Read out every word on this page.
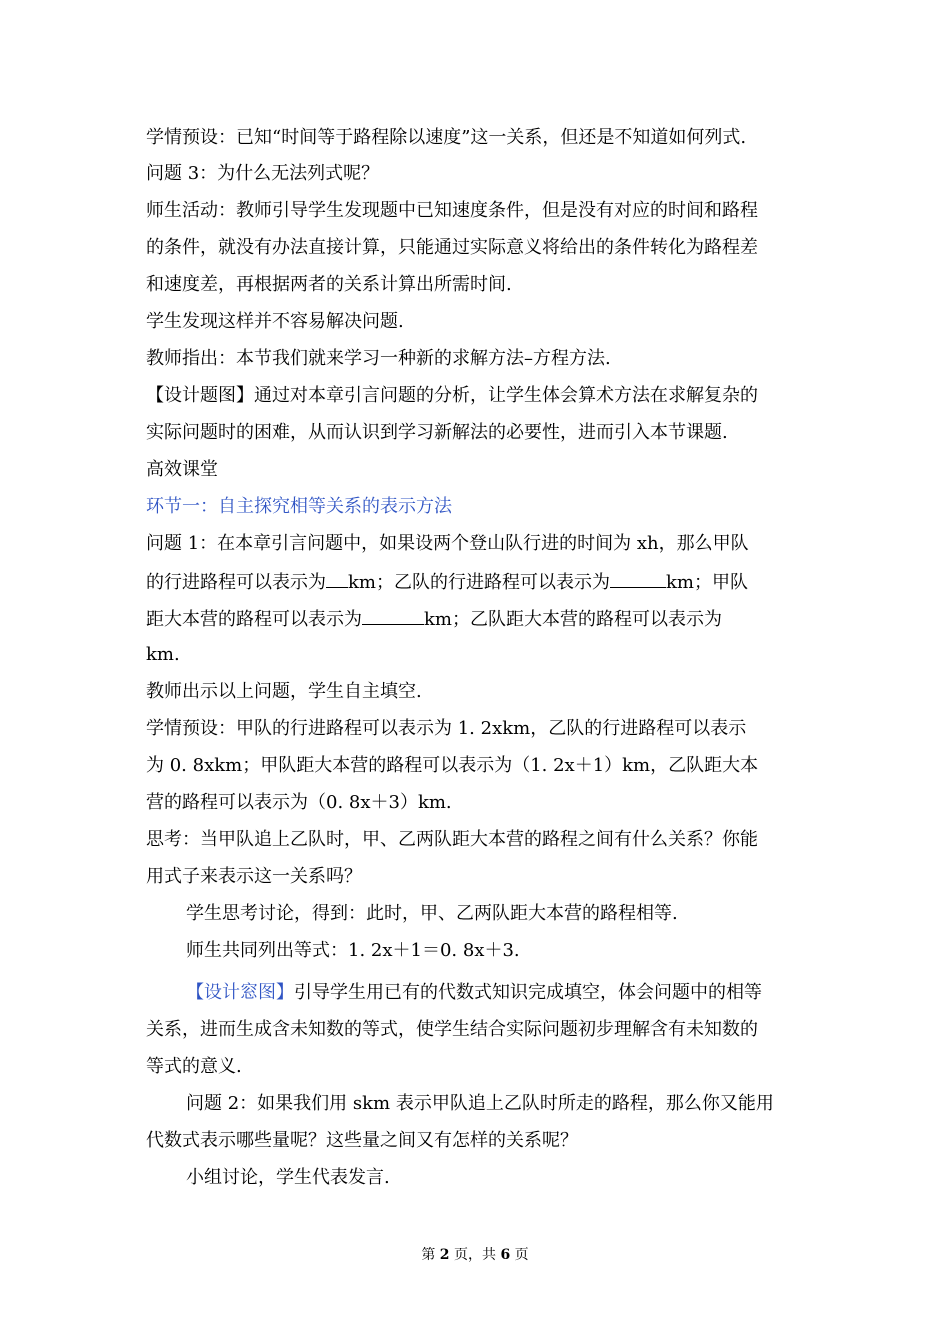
学情预设：已知“时间等于路程除以速度”这一关系，但还是不知道如何列式.
问题 3：为什么无法列式呢？
师生活动：教师引导学生发现题中已知速度条件，但是没有对应的时间和路程
的条件，就没有办法直接计算，只能通过实际意义将给出的条件转化为路程差
和速度差，再根据两者的关系计算出所需时间.
学生发现这样并不容易解决问题.
教师指出：本节我们就来学习一种新的求解方法–方程方法.
【设计题图】通过对本章引言问题的分析，让学生体会算术方法在求解复杂的
实际问题时的困难，从而认识到学习新解法的必要性，进而引入本节课题.
高效课堂
环节一：自主探究相等关系的表示方法
问题 1：在本章引言问题中，如果设两个登山队行进的时间为 xh，那么甲队
的行进路程可以表示为 km；乙队的行进路程可以表示为	km；甲队
距大本营的路程可以表示为	km；乙队距大本营的路程可以表示为
km.
教师出示以上问题，学生自主填空.
学情预设：甲队的行进路程可以表示为 1. 2xkm，乙队的行进路程可以表示
为 0. 8xkm；甲队距大本营的路程可以表示为（1. 2x＋1）km，乙队距大本
营的路程可以表示为（0. 8x＋3）km.
思考：当甲队追上乙队时，甲、乙两队距大本营的路程之间有什么关系？你能
用式子来表示这一关系吗？
学生思考讨论，得到：此时，甲、乙两队距大本营的路程相等.
师生共同列出等式：1. 2x＋1＝0. 8x＋3.
【设计窓图】引导学生用已有的代数式知识完成填空，体会问题中的相等
关系，进而生成含未知数的等式，使学生结合实际问题初步理解含有未知数的
等式的意义.
问题 2：如果我们用 skm 表示甲队追上乙队时所走的路程，那么你又能用
代数式表示哪些量呢？这些量之间又有怎样的关系呢？
小组讨论，学生代表发言.
第 2 页，共 6 页
